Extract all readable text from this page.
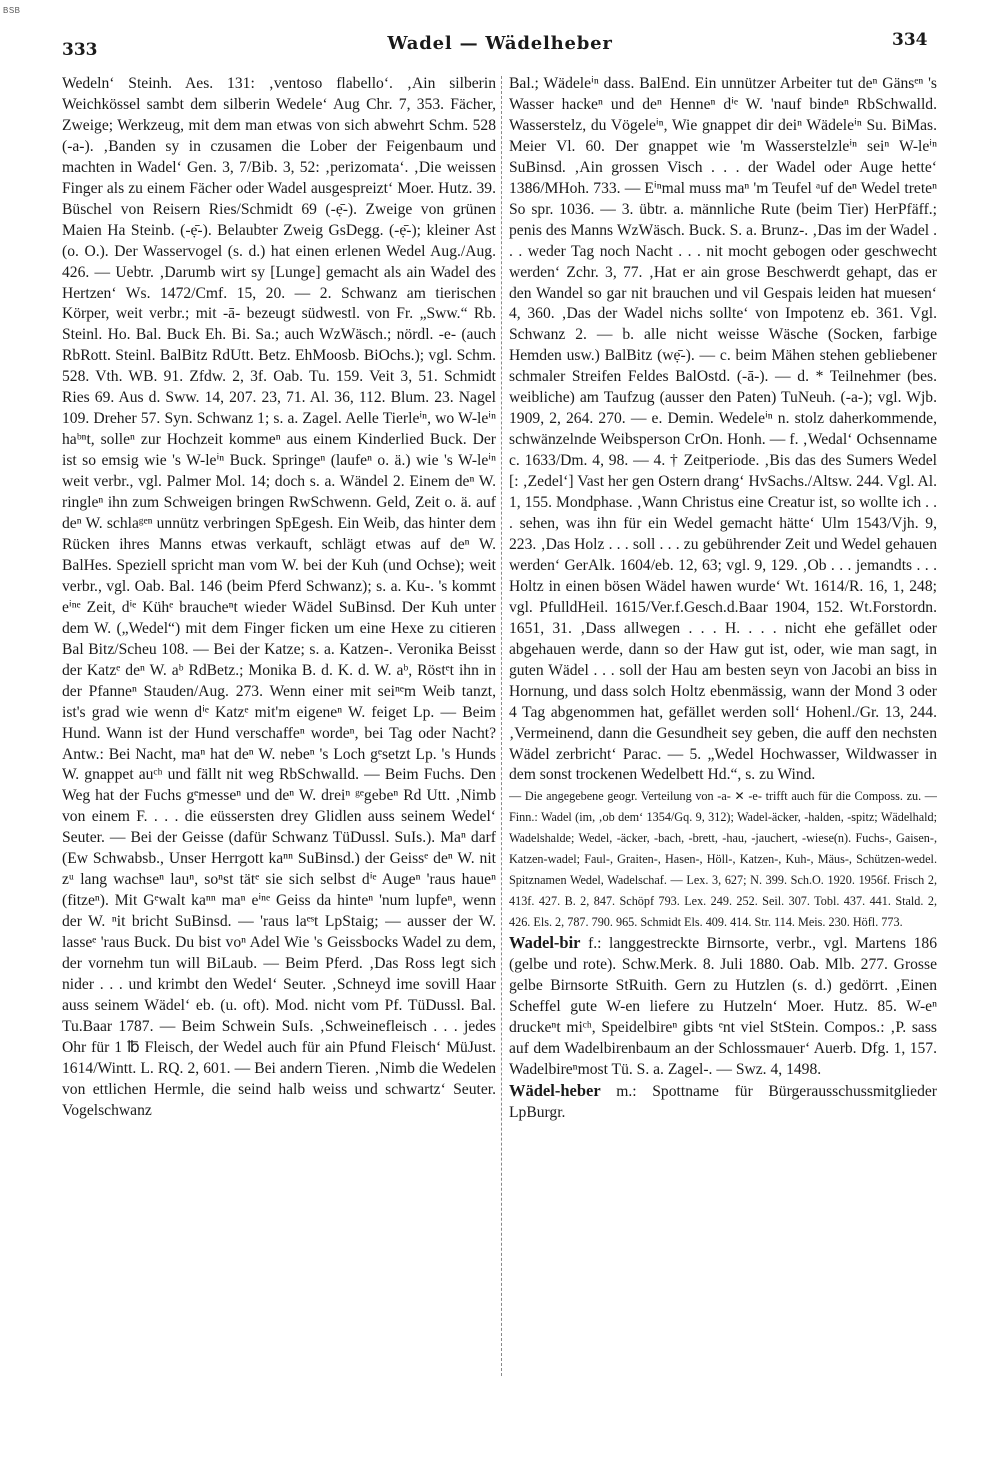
BSB
333	Wadel — Wädelheber	334

Wedeln‘ Steinh. Aes. 131: ‚ventoso flabello‘. ‚Ain silberin Weichkössel sambt dem silberin Wedele‘ Aug Chr. 7, 353. Fächer, Zweige; Werkzeug, mit dem man etwas von sich abwehrt Schm. 528 (-a-). ‚Banden sy in czusamen die Lober der Feigenbaum und machten in Wadel‘ Gen. 3, 7/Bib. 3, 52: ‚perizomata‘. ‚Die weissen Finger als zu einem Fächer oder Wadel ausgespreizt‘ Moer. Hutz. 39. Büschel von Reisern Ries/Schmidt 69 (-ẹ̄-). Zweige von grünen Maien Ha Steinb. (-ẹ̄-). Belaubter Zweig GsDegg. (-ẹ̄-); kleiner Ast (o. O.). Der Wasservogel (s. d.) hat einen erlenen Wedel Aug./Aug. 426. — Uebtr. ‚Darumb wirt sy [Lunge] gemacht als ain Wadel des Hertzen‘ Ws. 1472/Cmf. 15, 20. — 2. Schwanz am tierischen Körper, weit verbr.; mit -ā- bezeugt südwestl. von Fr. „Sww.“ Rb. Steinl. Ho. Bal. Buck Eh. Bi. Sa.; auch WzWäsch.; nördl. -e- (auch RbRott. Steinl. BalBitz RdUtt. Betz. EhMoosb. BiOchs.); vgl. Schm. 528. Vth. WB. 91. Zfdw. 2, 3f. Oab. Tu. 159. Veit 3, 51. Schmidt Ries 69. Aus d. Sww. 14, 207. 23, 71. Al. 36, 112. Blum. 23. Nagel 109. Dreher 57. Syn. Schwanz 1; s. a. Zagel. Aelle Tierleⁱⁿ, wo W-leⁱⁿ haᵇⁿt, solleⁿ zur Hochzeit kommeⁿ aus einem Kinderlied Buck. Der ist so emsig wie 's W-leⁱⁿ Buck. Springeⁿ (laufeⁿ o. ä.) wie 's W-leⁱⁿ weit verbr., vgl. Palmer Mol. 14; doch s. a. Wändel 2. Einem deⁿ W. ringleⁿ ihn zum Schweigen bringen RwSchwenn. Geld, Zeit o. ä. auf deⁿ W. schlaᵍᵉⁿ unnütz verbringen SpEgesh. Ein Weib, das hinter dem Rücken ihres Manns etwas verkauft, schlägt etwas auf deⁿ W. BalHes. Speziell spricht man vom W. bei der Kuh (und Ochse); weit verbr., vgl. Oab. Bal. 146 (beim Pferd Schwanz); s. a. Ku-. 's kommt eⁱⁿᵉ Zeit, dⁱᵉ Kühᵉ braucheⁿt wieder Wädel SuBinsd. Der Kuh unter dem W. („Wedel“) mit dem Finger ficken um eine Hexe zu citieren Bal Bitz/Scheu 108. — Bei der Katze; s. a. Katzen-. Veronika Beisst der Katzᵉ deⁿ W. aᵇ RdBetz.; Monika B. d. K. d. W. aᵇ, Röstᵉt ihn in der Pfanneⁿ Stauden/Aug. 273. Wenn einer mit seiⁿᵉm Weib tanzt, ist's grad wie wenn dⁱᵉ Katzᵉ mit'm eigeneⁿ W. feiget Lp. — Beim Hund. Wann ist der Hund verschaffeⁿ wordeⁿ, bei Tag oder Nacht? Antw.: Bei Nacht, maⁿ hat deⁿ W. nebeⁿ 's Loch gᵉsetzt Lp. 's Hunds W. gnappet auᶜʰ und fällt nit weg RbSchwalld. — Beim Fuchs. Den Weg hat der Fuchs gᵉmesseⁿ und deⁿ W. dreiⁿ ᵍᵉgebeⁿ Rd Utt. ‚Nimb von einem F. . . . die eüssersten drey Glidlen auss seinem Wedel‘ Seuter. — Bei der Geisse (dafür Schwanz TüDussl. SuIs.). Maⁿ darf (Ew Schwabsb., Unser Herrgott kaⁿⁿ SuBinsd.) der Geissᵉ deⁿ W. nit zᵘ lang wachseⁿ lauⁿ, soⁿst tätᵉ sie sich selbst dⁱᵉ Augeⁿ 'raus haueⁿ (fitzeⁿ). Mit Gᵉwalt kaⁿⁿ maⁿ eⁱⁿᵉ Geiss da hinteⁿ 'num lupfeⁿ, wenn der W. ⁿit bricht SuBinsd. — 'raus laᵉˢt LpStaig; — ausser der W. lasseᵉ 'raus Buck. Du bist voⁿ Adel Wie 's Geissbocks Wadel zu dem, der vornehm tun will BiLaub. — Beim Pferd. ‚Das Ross legt sich nider . . . und krimbt den Wedel‘ Seuter. ‚Schneyd ime sovill Haar auss seinem Wädel‘ eb. (u. oft). Mod. nicht vom Pf. TüDussl. Bal. Tu.Baar 1787. — Beim Schwein SuIs. ‚Schweinefleisch . . . jedes Ohr für 1 ℔ Fleisch, der Wedel auch für ain Pfund Fleisch‘ MüJust. 1614/Wintt. L. RQ. 2, 601. — Bei andern Tieren. ‚Nimb die Wedelen von ettlichen Hermle, die seind halb weiss und schwartz‘ Seuter. Vogelschwanz

Bal.; Wädeleⁱⁿ dass. BalEnd. Ein unnützer Arbeiter tut deⁿ Gänsᵉⁿ 's Wasser hackeⁿ und deⁿ Henneⁿ dⁱᵉ W. 'nauf bindeⁿ RbSchwalld. Wasserstelz, du Vögeleⁱⁿ, Wie gnappet dir deiⁿ Wädeleⁱⁿ Su. BiMas. Meier Vl. 60. Der gnappet wie 'm Wasserstelzleⁱⁿ seiⁿ W-leⁱⁿ SuBinsd. ‚Ain grossen Visch . . . der Wadel oder Auge hette‘ 1386/MHoh. 733. — Eⁱⁿmal muss maⁿ 'm Teufel ᵃuf deⁿ Wedel treteⁿ So spr. 1036. — 3. übtr. a. männliche Rute (beim Tier) HerPfäff.; penis des Manns WzWäsch. Buck. S. a. Brunz-. ‚Das im der Wadel . . . weder Tag noch Nacht . . . nit mocht gebogen oder geschwecht werden‘ Zchr. 3, 77. ‚Hat er ain grose Beschwerdt gehapt, das er den Wandel so gar nit brauchen und vil Gespais leiden hat muesen‘ 4, 360. ‚Das der Wadel nichs sollte‘ von Impotenz eb. 361. Vgl. Schwanz 2. — b. alle nicht weisse Wäsche (Socken, farbige Hemden usw.) BalBitz (wẹ̄-). — c. beim Mähen stehen gebliebener schmaler Streifen Feldes BalOstd. (-ā-). — d. * Teilnehmer (bes. weibliche) am Taufzug (ausser den Paten) TuNeuh. (-a-); vgl. Wjb. 1909, 2, 264. 270. — e. Demin. Wedeleⁱⁿ n. stolz daherkommende, schwänzelnde Weibsperson CrOn. Honh. — f. ‚Wedal‘ Ochsenname c. 1633/Dm. 4, 98. — 4. † Zeitperiode. ‚Bis das des Sumers Wedel [: ‚Zedel‘] Vast her gen Ostern drang‘ HvSachs./Altsw. 244. Vgl. Al. 1, 155. Mondphase. ‚Wann Christus eine Creatur ist, so wollte ich . . . sehen, was ihn für ein Wedel gemacht hätte‘ Ulm 1543/Vjh. 9, 223. ‚Das Holz . . . soll . . . zu gebührender Zeit und Wedel gehauen werden‘ GerAlk. 1604/eb. 12, 63; vgl. 9, 129. ‚Ob . . . jemandts . . . Holtz in einen bösen Wädel hawen wurde‘ Wt. 1614/R. 16, 1, 248; vgl. PfulldHeil. 1615/Ver.f.Gesch.d.Baar 1904, 152. Wt.Forstordn. 1651, 31. ‚Dass allwegen . . . H. . . . nicht ehe gefället oder abgehauen werde, dann so der Haw gut ist, oder, wie man sagt, in guten Wädel . . . soll der Hau am besten seyn von Jacobi an biss in Hornung, und dass solch Holtz ebenmässig, wann der Mond 3 oder 4 Tag abgenommen hat, gefället werden soll‘ Hohenl./Gr. 13, 244. ‚Vermeinend, dann die Gesundheit sey geben, die auff den nechsten Wädel zerbricht‘ Parac. — 5. „Wedel Hochwasser, Wildwasser in dem sonst trockenen Wedelbett Hd.“, s. zu Wind.

— Die angegebene geogr. Verteilung von -a- ✕ -e- trifft auch für die Composs. zu. — Finn.: Wadel (im, ‚ob dem‘ 1354/Gq. 9, 312); Wadel-äcker, -halden, -spitz; Wädelhald; Wadelshalde; Wedel, -äcker, -bach, -brett, -hau, -jauchert, -wiese(n). Fuchs-, Gaisen-, Katzen-wadel; Faul-, Graiten-, Hasen-, Höll-, Katzen-, Kuh-, Mäus-, Schützen-wedel. Spitznamen Wedel, Wadelschaf. — Lex. 3, 627; N. 399. Sch.O. 1920. 1956f. Frisch 2, 413f. 427. B. 2, 847. Schöpf 793. Lex. 249. 252. Seil. 307. Tobl. 437. 441. Stald. 2, 426. Els. 2, 787. 790. 965. Schmidt Els. 409. 414. Str. 114. Meis. 230. Höfl. 773.

Wadel-bir f.: langgestreckte Birnsorte, verbr., vgl. Martens 186 (gelbe und rote). Schw.Merk. 8. Juli 1880. Oab. Mlb. 277. Grosse gelbe Birnsorte StRuith. Gern zu Hutzlen (s. d.) gedörrt. ‚Einen Scheffel gute W-en liefere zu Hutzeln‘ Moer. Hutz. 85. W-eⁿ druckeⁿt miᶜʰ, Speidelbireⁿ gibts ᵉnt viel StStein. Compos.: ‚P. sass auf dem Wadelbirenbaum an der Schlossmauer‘ Auerb. Dfg. 1, 157. Wadelbireⁿmost Tü. S. a. Zagel-. — Swz. 4, 1498.

Wädel-heber m.: Spottname für Bürgerausschussmitglieder LpBurgr.
